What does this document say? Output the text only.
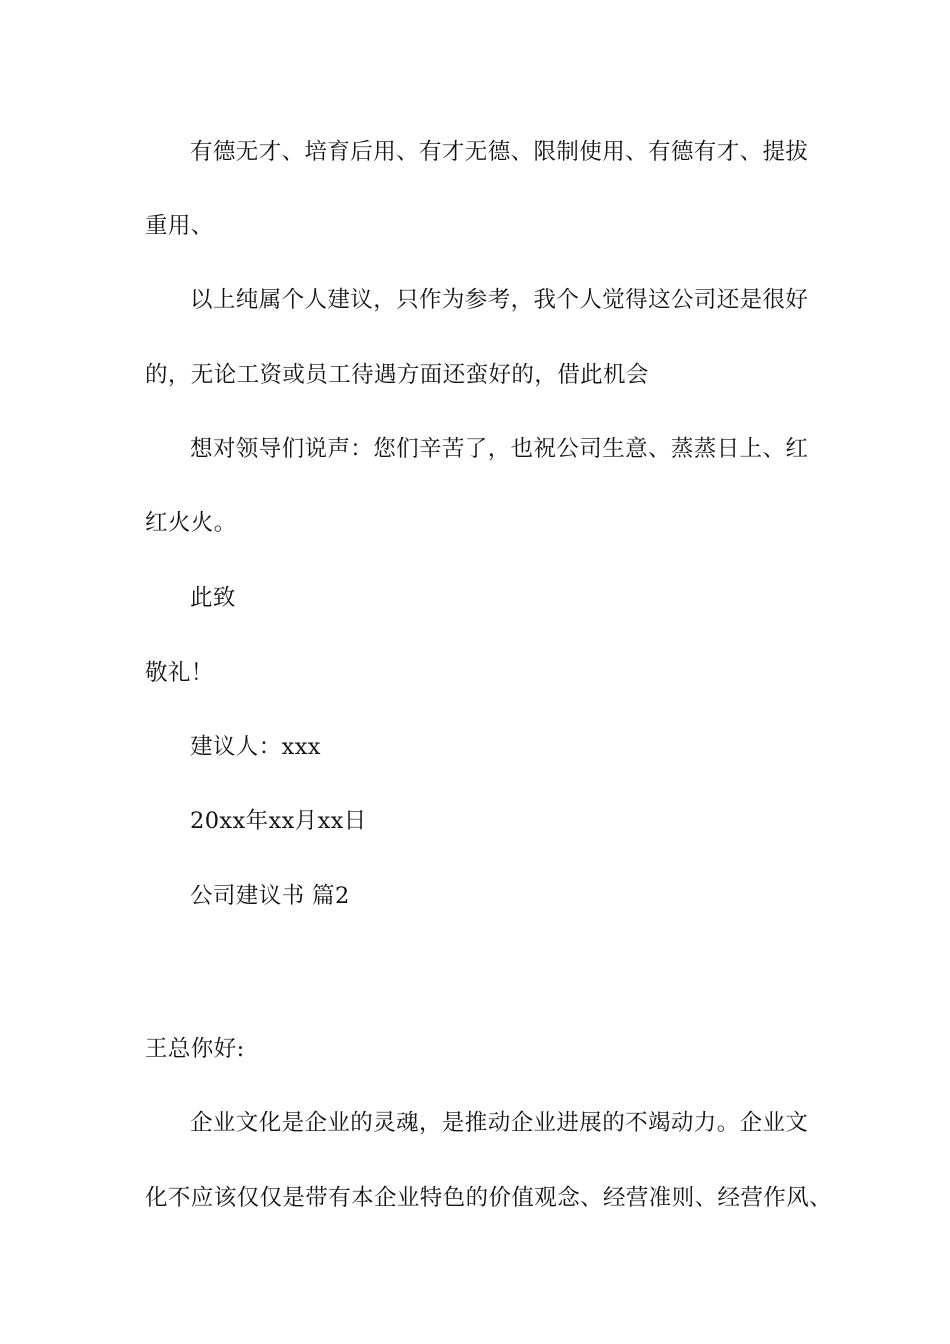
有德无才、培育后用、有才无德、限制使用、有德有才、提拔
重用、
以上纯属个人建议，只作为参考，我个人觉得这公司还是很好
的，无论工资或员工待遇方面还蛮好的，借此机会
想对领导们说声：您们辛苦了，也祝公司生意、蒸蒸日上、红
红火火。
此致
敬礼！
建议人：xxx
20xx年xx月xx日
公司建议书 篇2
王总你好:
企业文化是企业的灵魂，是推动企业进展的不竭动力。企业文
化不应该仅仅是带有本企业特色的价值观念、经营准则、经营作风、
